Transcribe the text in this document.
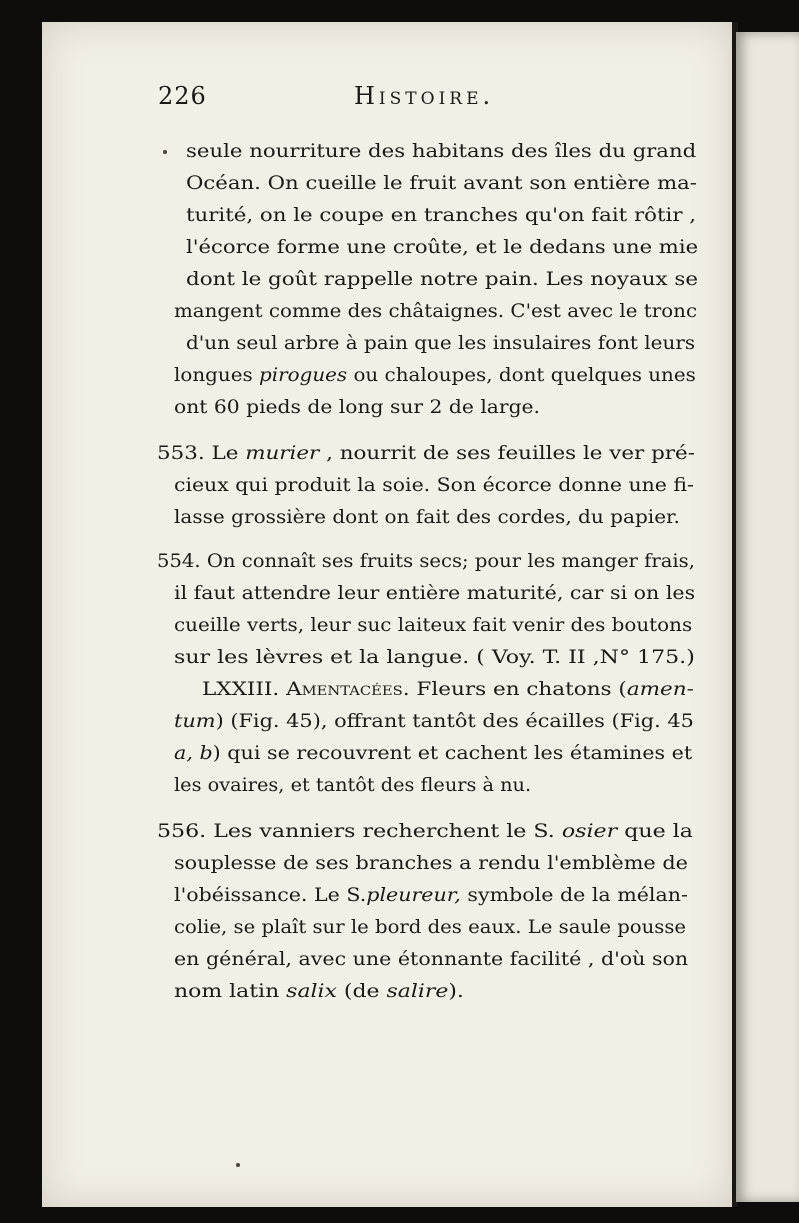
226	Histoire.
seule nourriture des habitans des îles du grand
Océan. On cueille le fruit avant son entière ma-
turité, on le coupe en tranches qu'on fait rôtir ,
l'écorce forme une croûte, et le dedans une mie
dont le goût rappelle notre pain. Les noyaux se
mangent comme des châtaignes. C'est avec le tronc
d'un seul arbre à pain que les insulaires font leurs
longues pirogues ou chaloupes, dont quelques unes
ont 60 pieds de long sur 2 de large.
553. Le murier , nourrit de ses feuilles le ver pré-
cieux qui produit la soie. Son écorce donne une fi-
lasse grossière dont on fait des cordes, du papier.
554. On connaît ses fruits secs; pour les manger frais,
il faut attendre leur entière maturité, car si on les
cueille verts, leur suc laiteux fait venir des boutons
sur les lèvres et la langue. ( Voy. T. II ,N° 175.)
LXXIII. Amentacées. Fleurs en chatons (amen-
tum) (Fig. 45), offrant tantôt des écailles (Fig. 45
a, b) qui se recouvrent et cachent les étamines et
les ovaires, et tantôt des fleurs à nu.
556. Les vanniers recherchent le S. osier que la
souplesse de ses branches a rendu l'emblème de
l'obéissance. Le S.pleureur, symbole de la mélan-
colie, se plaît sur le bord des eaux. Le saule pousse
en général, avec une étonnante facilité , d'où son
nom latin salix (de salire).
